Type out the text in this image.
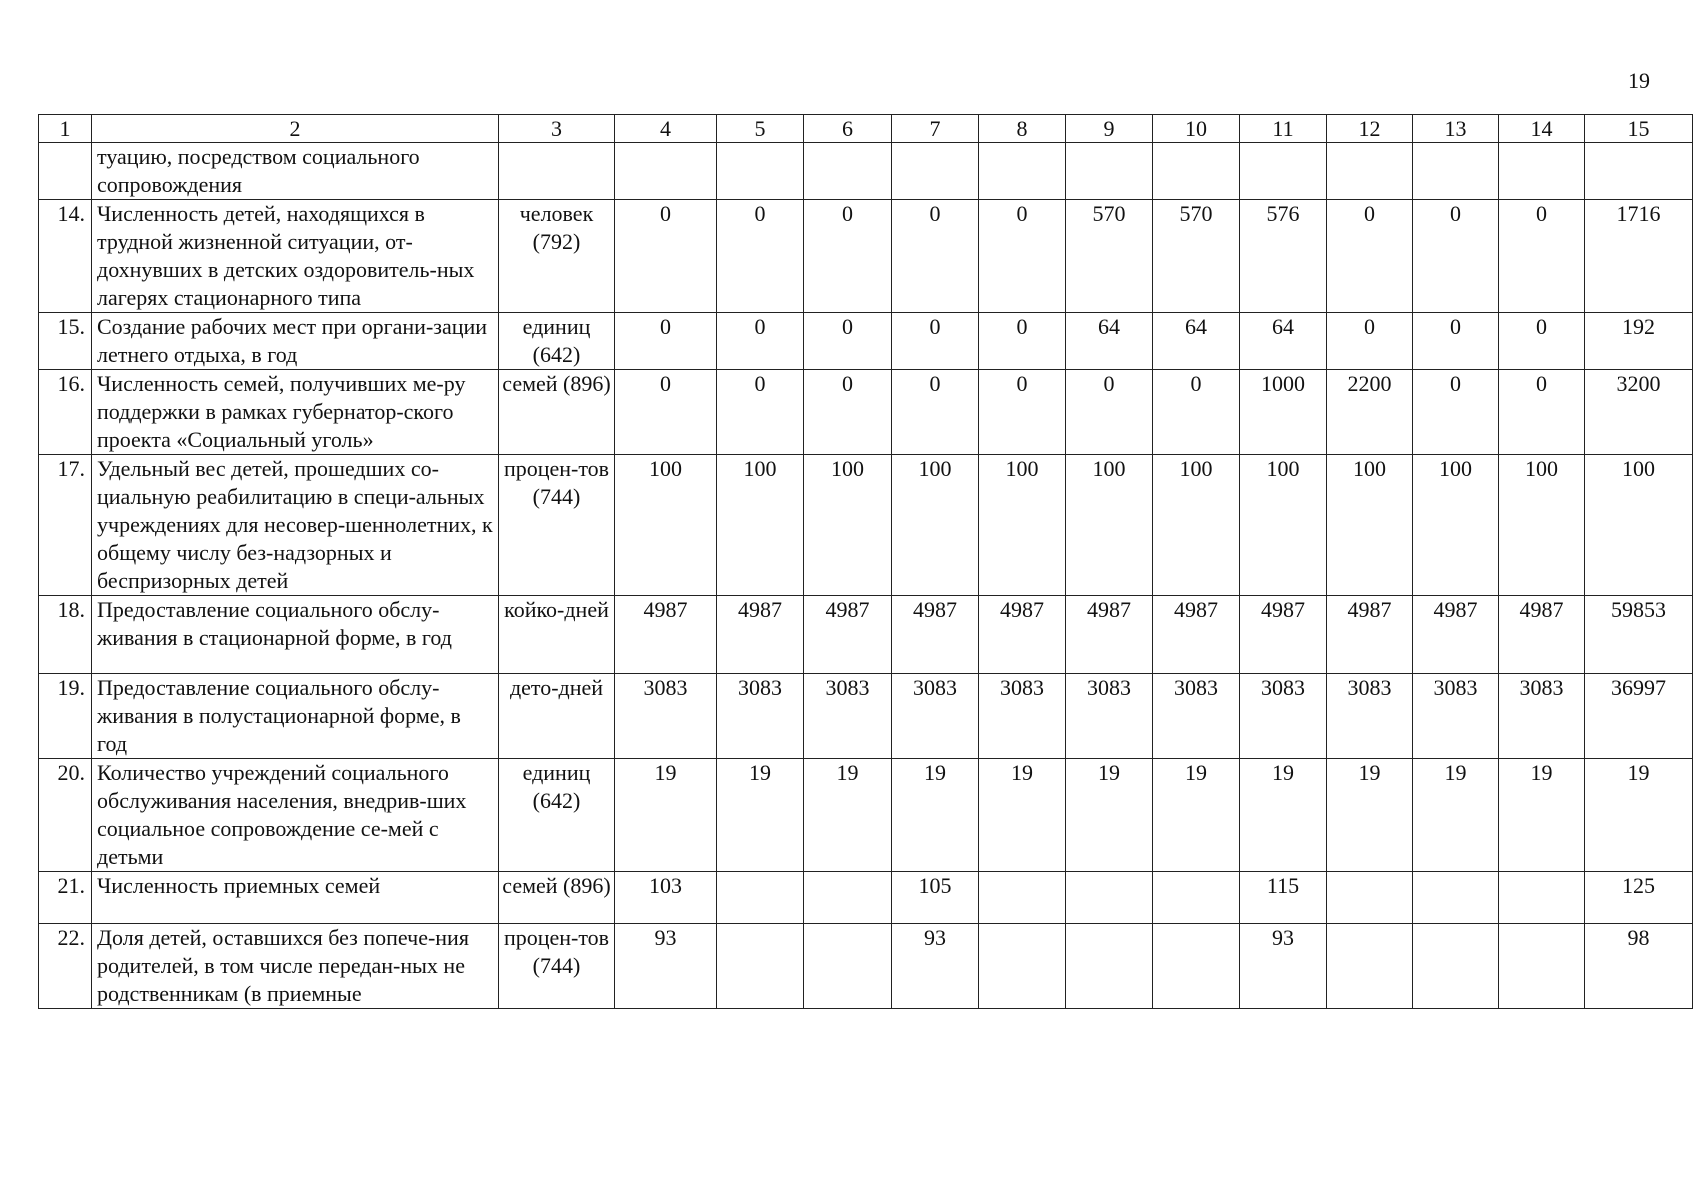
19
1	2	3	4	5	6	7	8	9	10	11	12	13	14	15
	туацию, посредством социального сопровождения													
14.	Численность детей, находящихся в трудной жизненной ситуации, от-дохнувших в детских оздоровитель-ных лагерях стационарного типа	человек (792)	0	0	0	0	0	570	570	576	0	0	0	1716
15.	Создание рабочих мест при органи-зации летнего отдыха, в год	единиц (642)	0	0	0	0	0	64	64	64	0	0	0	192
16.	Численность семей, получивших ме-ру поддержки в рамках губернатор-ского проекта «Социальный уголь»	семей (896)	0	0	0	0	0	0	0	1000	2200	0	0	3200
17.	Удельный вес детей, прошедших со-циальную реабилитацию в специ-альных учреждениях для несовер-шеннолетних, к общему числу без-надзорных и беспризорных детей	процен-тов (744)	100	100	100	100	100	100	100	100	100	100	100	100
18.	Предоставление социального обслу-живания в стационарной форме, в год	койко-дней	4987	4987	4987	4987	4987	4987	4987	4987	4987	4987	4987	59853
19.	Предоставление социального обслу-живания в полустационарной форме, в год	дето-дней	3083	3083	3083	3083	3083	3083	3083	3083	3083	3083	3083	36997
20.	Количество учреждений социального обслуживания населения, внедрив-ших социальное сопровождение се-мей с детьми	единиц (642)	19	19	19	19	19	19	19	19	19	19	19	19
21.	Численность приемных семей	семей (896)	103			105				115				125
22.	Доля детей, оставшихся без попече-ния родителей, в том числе передан-ных не родственникам (в приемные	процен-тов (744)	93			93				93				98
